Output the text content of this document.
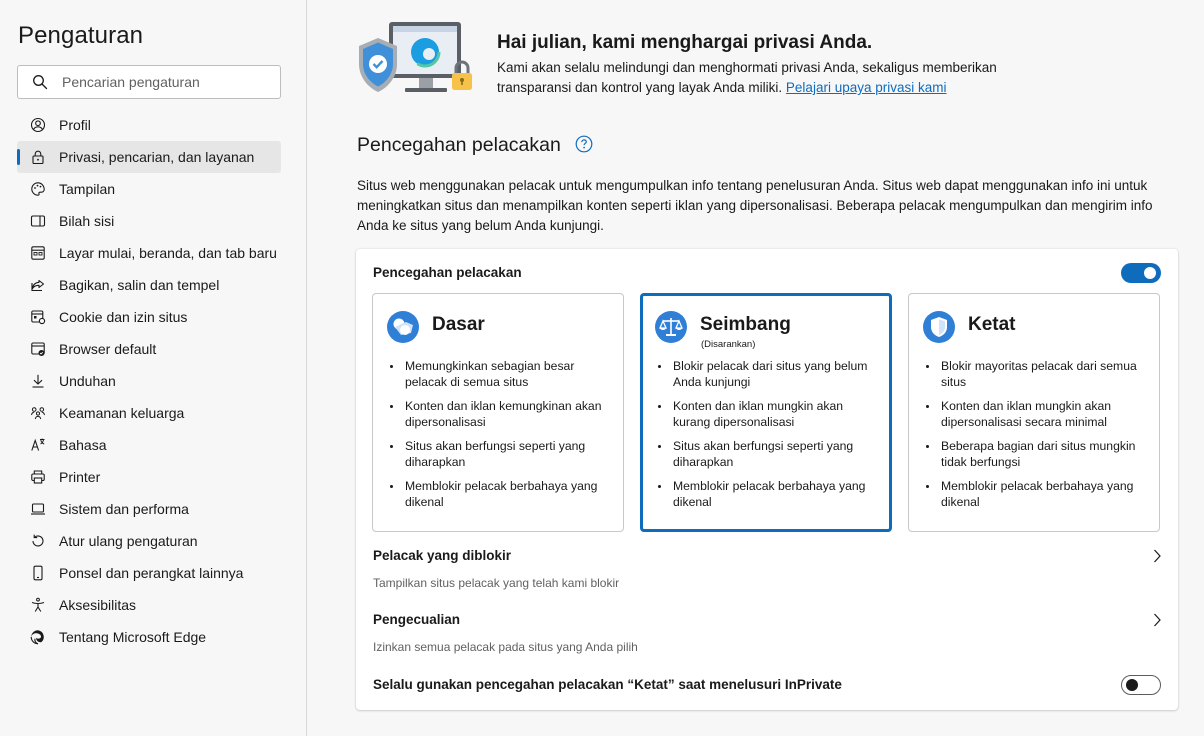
Pengaturan
Pencarian pengaturan
Profil
Privasi, pencarian, dan layanan
Tampilan
Bilah sisi
Layar mulai, beranda, dan tab baru
Bagikan, salin dan tempel
Cookie dan izin situs
Browser default
Unduhan
Keamanan keluarga
Bahasa
Printer
Sistem dan performa
Atur ulang pengaturan
Ponsel dan perangkat lainnya
Aksesibilitas
Tentang Microsoft Edge
Hai julian, kami menghargai privasi Anda.
Kami akan selalu melindungi dan menghormati privasi Anda, sekaligus memberikan transparansi dan kontrol yang layak Anda miliki. Pelajari upaya privasi kami
Pencegahan pelacakan
Situs web menggunakan pelacak untuk mengumpulkan info tentang penelusuran Anda. Situs web dapat menggunakan info ini untuk meningkatkan situs dan menampilkan konten seperti iklan yang dipersonalisasi. Beberapa pelacak mengumpulkan dan mengirim info Anda ke situs yang belum Anda kunjungi.
Pencegahan pelacakan
Dasar
Memungkinkan sebagian besar pelacak di semua situs
Konten dan iklan kemungkinan akan dipersonalisasi
Situs akan berfungsi seperti yang diharapkan
Memblokir pelacak berbahaya yang dikenal
Seimbang
(Disarankan)
Blokir pelacak dari situs yang belum Anda kunjungi
Konten dan iklan mungkin akan kurang dipersonalisasi
Situs akan berfungsi seperti yang diharapkan
Memblokir pelacak berbahaya yang dikenal
Ketat
Blokir mayoritas pelacak dari semua situs
Konten dan iklan mungkin akan dipersonalisasi secara minimal
Beberapa bagian dari situs mungkin tidak berfungsi
Memblokir pelacak berbahaya yang dikenal
Pelacak yang diblokir
Tampilkan situs pelacak yang telah kami blokir
Pengecualian
Izinkan semua pelacak pada situs yang Anda pilih
Selalu gunakan pencegahan pelacakan “Ketat” saat menelusuri InPrivate
